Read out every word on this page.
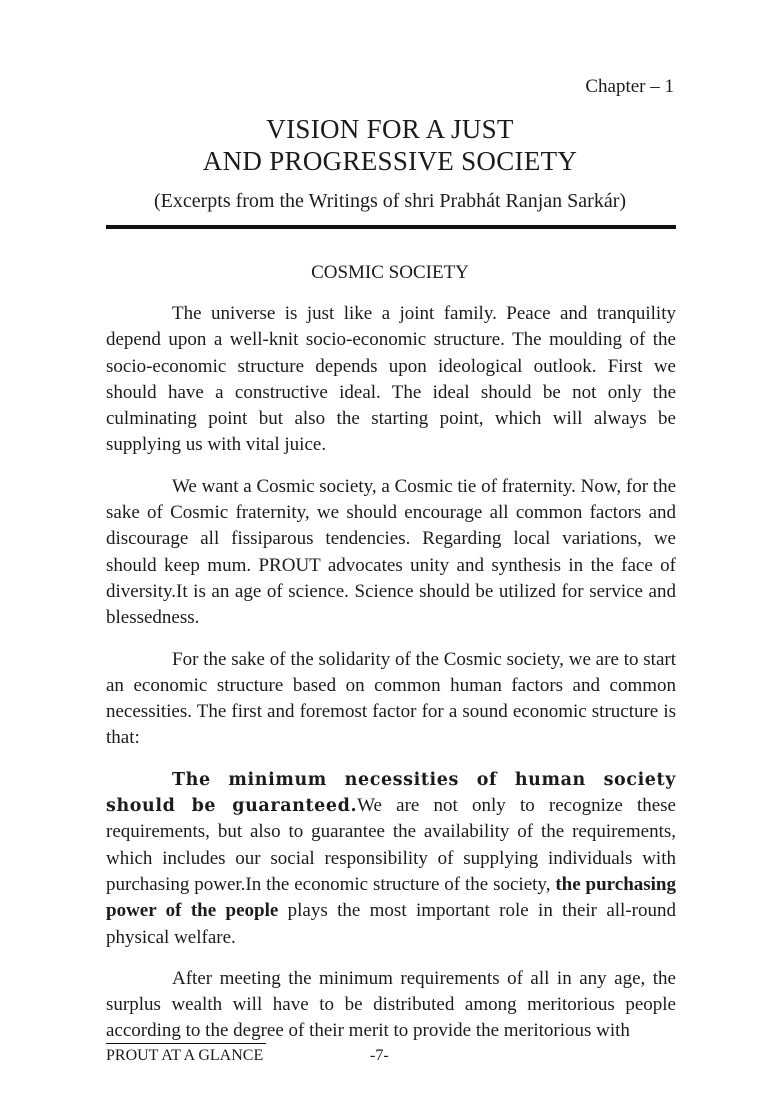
Chapter – 1
VISION FOR A JUST
AND PROGRESSIVE SOCIETY
(Excerpts from the Writings of shri Prabhát Ranjan Sarkár)
COSMIC SOCIETY

The universe is just like a joint family. Peace and tranquility depend upon a well-knit socio-economic structure. The moulding of the socio-economic structure depends upon ideological outlook. First we should have a constructive ideal. The ideal should be not only the culminating point but also the starting point, which will always be supplying us with vital juice.

We want a Cosmic society, a Cosmic tie of fraternity. Now, for the sake of Cosmic fraternity, we should encourage all common factors and discourage all fissiparous tendencies. Regarding local variations, we should keep mum. PROUT advocates unity and synthesis in the face of diversity.It is an age of science. Science should be utilized for service and blessedness.

For the sake of the solidarity of the Cosmic society, we are to start an economic structure based on common human factors and common necessities. The first and foremost factor for a sound economic structure is that:

The minimum necessities of human society should be guaranteed.We are not only to recognize these requirements, but also to guarantee the availability of the requirements, which includes our social responsibility of supplying individuals with purchasing power.In the economic structure of the society, the purchasing power of the people plays the most important role in their all-round physical welfare.

After meeting the minimum requirements of all in any age, the surplus wealth will have to be distributed among meritorious people according to the degree of their merit to provide the meritorious with

PROUT AT A GLANCE	-7-
